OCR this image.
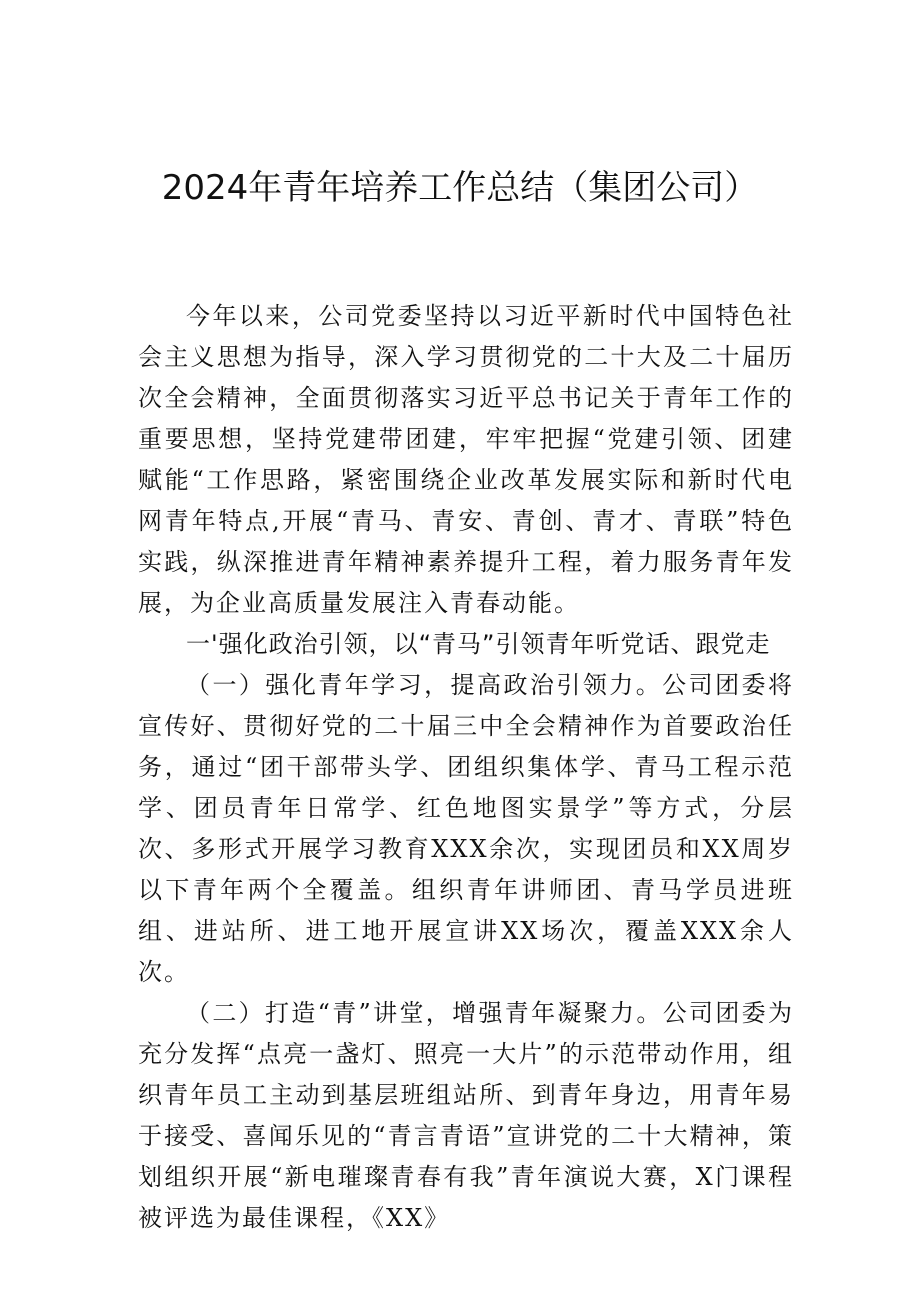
2024年青年培养工作总结（集团公司）

今年以来，公司党委坚持以习近平新时代中国特色社会主义思想为指导，深入学习贯彻党的二十大及二十届历次全会精神，全面贯彻落实习近平总书记关于青年工作的重要思想，坚持党建带团建，牢牢把握“党建引领、团建赋能“工作思路，紧密围绕企业改革发展实际和新时代电网青年特点,开展“青马、青安、青创、青才、青联”特色实践，纵深推进青年精神素养提升工程，着力服务青年发展，为企业高质量发展注入青春动能。

一'强化政治引领，以“青马”引领青年听党话、跟党走

（一）强化青年学习，提高政治引领力。公司团委将宣传好、贯彻好党的二十届三中全会精神作为首要政治任务，通过“团干部带头学、团组织集体学、青马工程示范学、团员青年日常学、红色地图实景学”等方式，分层次、多形式开展学习教育XXX余次，实现团员和XX周岁以下青年两个全覆盖。组织青年讲师团、青马学员进班组、进站所、进工地开展宣讲XX场次，覆盖XXX余人次。

（二）打造“青”讲堂，增强青年凝聚力。公司团委为充分发挥“点亮一盏灯、照亮一大片”的示范带动作用，组织青年员工主动到基层班组站所、到青年身边，用青年易于接受、喜闻乐见的“青言青语”宣讲党的二十大精神，策划组织开展“新电璀璨青春有我”青年演说大赛，X门课程被评选为最佳课程，《XX》
